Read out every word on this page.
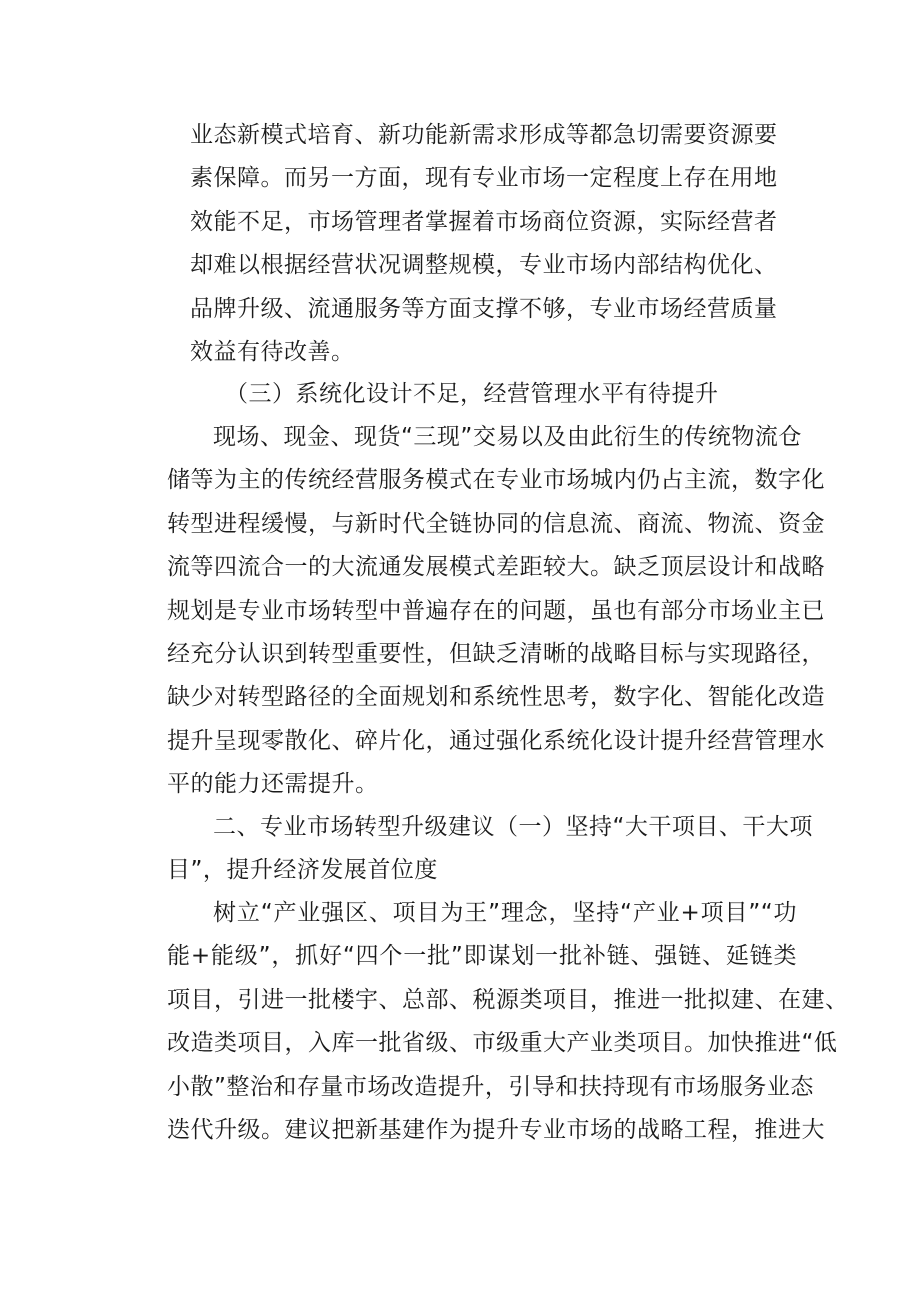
业态新模式培育、新功能新需求形成等都急切需要资源要
素保障。而另一方面，现有专业市场一定程度上存在用地
效能不足，市场管理者掌握着市场商位资源，实际经营者
却难以根据经营状况调整规模，专业市场内部结构优化、
品牌升级、流通服务等方面支撑不够，专业市场经营质量
效益有待改善。
（三）系统化设计不足，经营管理水平有待提升
现场、现金、现货“三现”交易以及由此衍生的传统物流仓
储等为主的传统经营服务模式在专业市场城内仍占主流，数字化
转型进程缓慢，与新时代全链协同的信息流、商流、物流、资金
流等四流合一的大流通发展模式差距较大。缺乏顶层设计和战略
规划是专业市场转型中普遍存在的问题，虽也有部分市场业主已
经充分认识到转型重要性，但缺乏清晰的战略目标与实现路径，
缺少对转型路径的全面规划和系统性思考，数字化、智能化改造
提升呈现零散化、碎片化，通过强化系统化设计提升经营管理水
平的能力还需提升。
二、专业市场转型升级建议（一）坚持“大干项目、干大项
目”，提升经济发展首位度
树立“产业强区、项目为王”理念，坚持“产业+项目”“功
能+能级”，抓好“四个一批”即谋划一批补链、强链、延链类
项目，引进一批楼宇、总部、税源类项目，推进一批拟建、在建、
改造类项目，入库一批省级、市级重大产业类项目。加快推进“低
小散”整治和存量市场改造提升，引导和扶持现有市场服务业态
迭代升级。建议把新基建作为提升专业市场的战略工程，推进大
